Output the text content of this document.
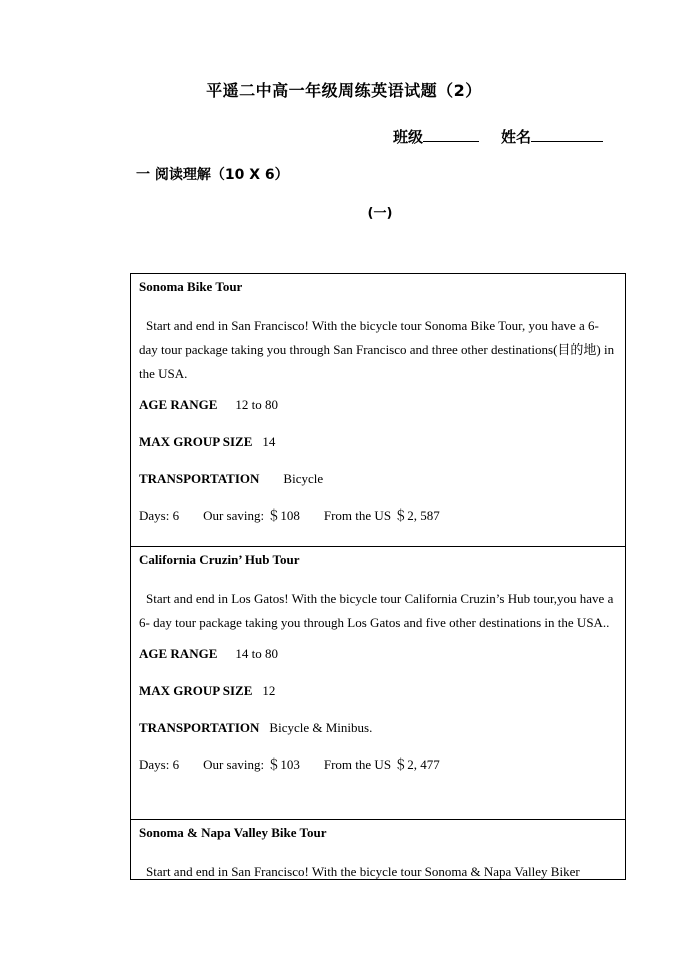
平遥二中高一年级周练英语试题（2）
班级	姓名
一 阅读理解（10 X 6）
(一)

Sonoma Bike Tour

Start and end in San Francisco! With the bicycle tour Sonoma Bike Tour, you have a 6-day tour package taking you through San Francisco and three other destinations(目的地) in the USA.

AGE RANGE 12 to 80
MAX GROUP SIZE 14
TRANSPORTATION Bicycle
Days: 6 Our saving: ＄108 From the US ＄2, 587

California Cruzin’ Hub Tour

Start and end in Los Gatos! With the bicycle tour California Cruzin’s Hub tour,you have a 6- day tour package taking you through Los Gatos and five other destinations in the USA..

AGE RANGE 14 to 80
MAX GROUP SIZE 12
TRANSPORTATION Bicycle & Minibus.
Days: 6 Our saving: ＄103 From the US ＄2, 477

Sonoma & Napa Valley Bike Tour

Start and end in San Francisco! With the bicycle tour Sonoma & Napa Valley Biker
